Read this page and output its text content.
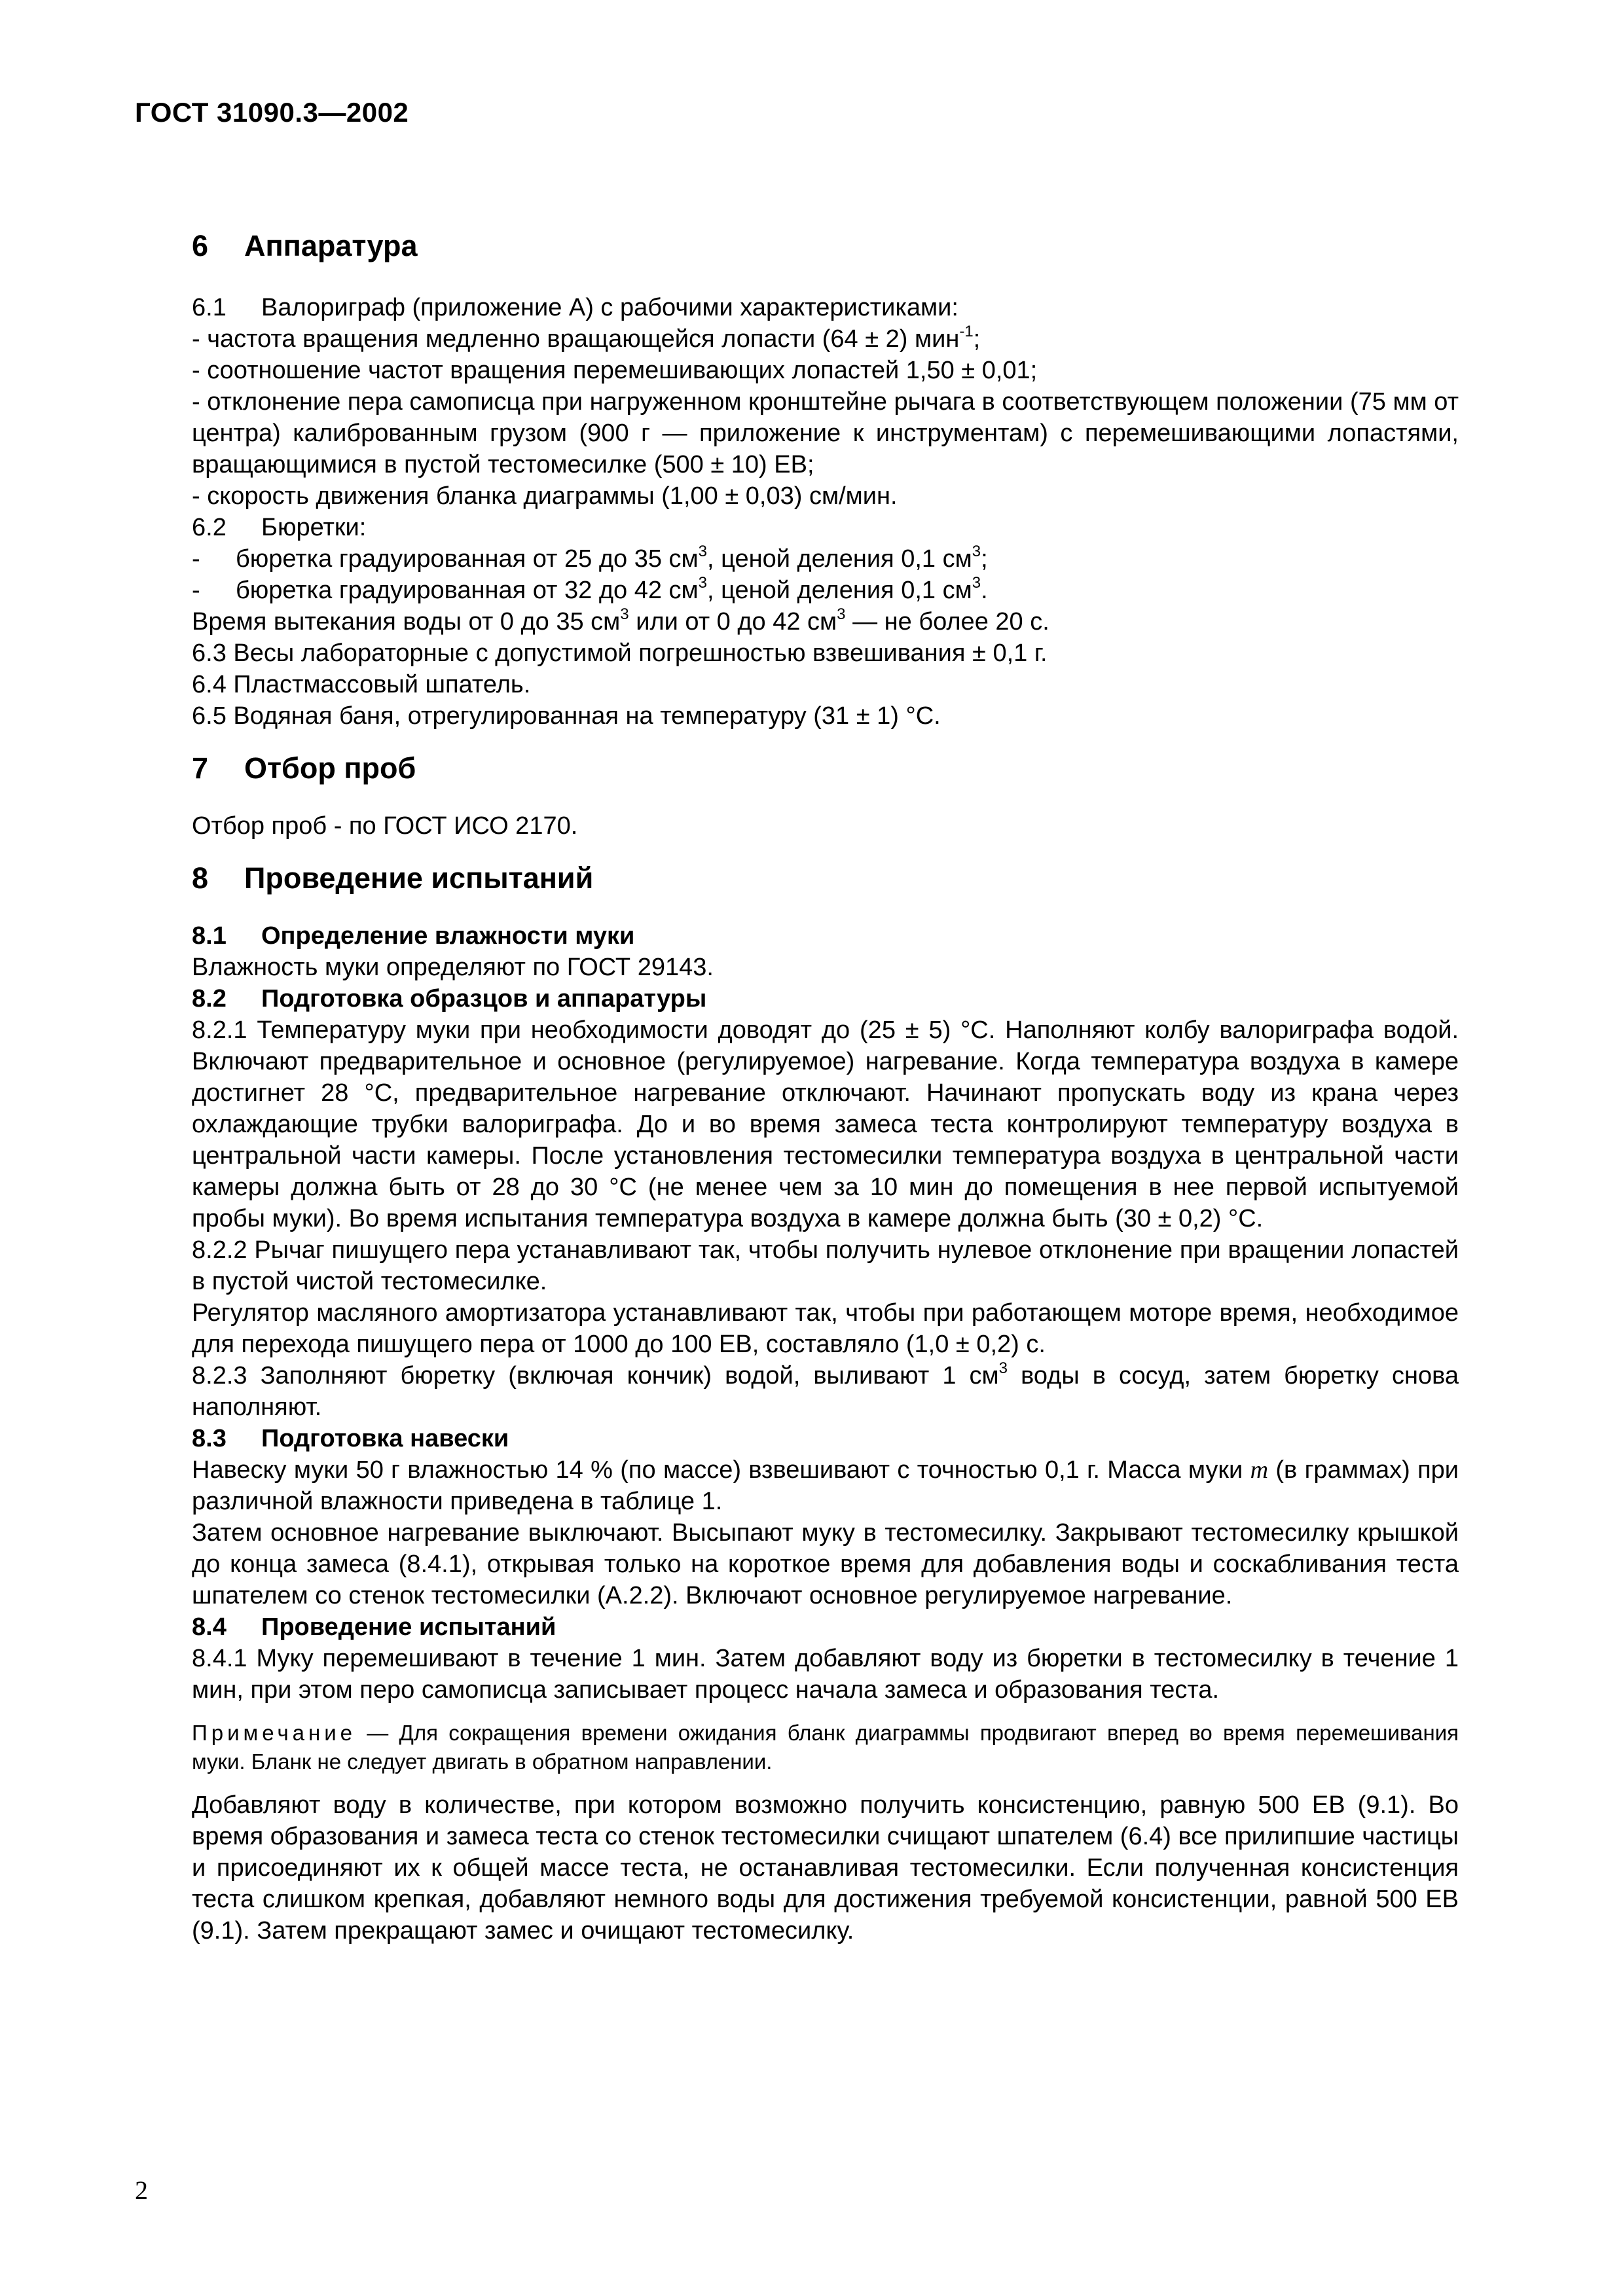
ГОСТ 31090.3—2002
6	Аппаратура
6.1	Валориграф (приложение А) с рабочими характеристиками:

- частота вращения медленно вращающейся лопасти (64 ± 2) мин$^{-1}$;

- соотношение частот вращения перемешивающих лопастей 1,50 ± 0,01;

- отклонение пера самописца при нагруженном кронштейне рычага в соответствующем положении (75 мм от центра) калиброванным грузом (900 г — приложение к инструментам) с перемешивающими лопастями, вращающимися в пустой тестомесилке (500 ± 10) ЕВ;

- скорость движения бланка диаграммы (1,00 ± 0,03) см/мин.

6.2	Бюретки:
-	бюретка градуированная от 25 до 35 $см^3$, ценой деления 0,1 $см^3$;
-	бюретка градуированная от 32 до 42 $см^3$, ценой деления 0,1 $см^3$.

Время вытекания воды от 0 до 35 $см^3$ или от 0 до 42 $см^3$ — не более 20 с.

6.3 Весы лабораторные с допустимой погрешностью взвешивания ± 0,1 г.

6.4 Пластмассовый шпатель.

6.5 Водяная баня, отрегулированная на температуру (31 ± 1) °С.

7	Отбор проб

Отбор проб - по ГОСТ ИСО 2170.

8	Проведение испытаний
8.1	Определение влажности муки

Влажность муки определяют по ГОСТ 29143.

8.2	Подготовка образцов и аппаратуры

8.2.1 Температуру муки при необходимости доводят до (25 ± 5) °С. Наполняют колбу валориграфа водой. Включают предварительное и основное (регулируемое) нагревание. Когда температура воздуха в камере достигнет 28 °С, предварительное нагревание отключают. Начинают пропускать воду из крана через охлаждающие трубки валориграфа. До и во время замеса теста контролируют температуру воздуха в центральной части камеры. После установления тестомесилки температура воздуха в центральной части камеры должна быть от 28 до 30 °С (не менее чем за 10 мин до помещения в нее первой испытуемой пробы муки). Во время испытания температура воздуха в камере должна быть (30 ± 0,2) °С.

8.2.2 Рычаг пишущего пера устанавливают так, чтобы получить нулевое отклонение при вращении лопастей в пустой чистой тестомесилке.

Регулятор масляного амортизатора устанавливают так, чтобы при работающем моторе время, необходимое для перехода пишущего пера от 1000 до 100 ЕВ, составляло (1,0 ± 0,2) с.

8.2.3 Заполняют бюретку (включая кончик) водой, выливают 1 $см^3$ воды в сосуд, затем бюретку снова наполняют.

8.3	Подготовка навески

Навеску муки 50 г влажностью 14 % (по массе) взвешивают с точностью 0,1 г. Масса муки m (в граммах) при различной влажности приведена в таблице 1.

Затем основное нагревание выключают. Высыпают муку в тестомесилку. Закрывают тестомесилку крышкой до конца замеса (8.4.1), открывая только на короткое время для добавления воды и соскабливания теста шпателем со стенок тестомесилки (А.2.2). Включают основное регулируемое нагревание.

8.4	Проведение испытаний

8.4.1 Муку перемешивают в течение 1 мин. Затем добавляют воду из бюретки в тестомесилку в течение 1 мин, при этом перо самописца записывает процесс начала замеса и образования теста.

Примечание — Для сокращения времени ожидания бланк диаграммы продвигают вперед во время перемешивания муки. Бланк не следует двигать в обратном направлении.

Добавляют воду в количестве, при котором возможно получить консистенцию, равную 500 ЕВ (9.1). Во время образования и замеса теста со стенок тестомесилки счищают шпателем (6.4) все прилипшие частицы и присоединяют их к общей массе теста, не останавливая тестомесилки. Если полученная консистенция теста слишком крепкая, добавляют немного воды для достижения требуемой консистенции, равной 500 ЕВ (9.1). Затем прекращают замес и очищают тестомесилку.

2
